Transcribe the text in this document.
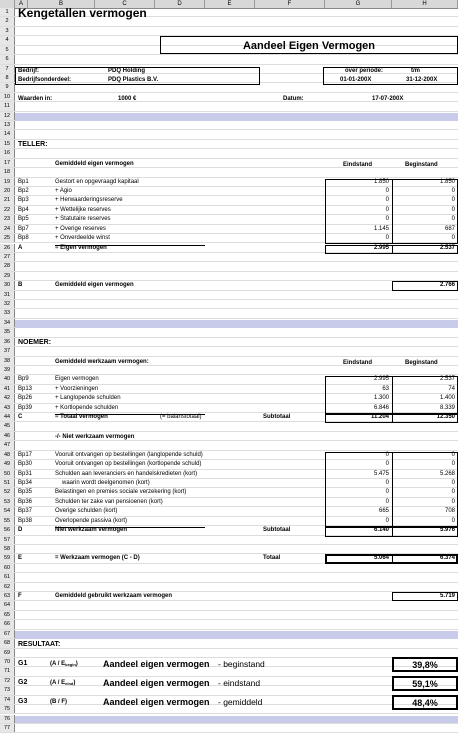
A	B	C	D	E	F	G	H
1
2
3
4
5
6
7
8
9
10
11
12
13
14
15
16
17
18
19
20
21
22
23
24
25
26
27
28
29
30
31
32
33
34
35
36
37
38
39
40
41
42
43
44
45
46
47
48
49
50
51
52
53
54
55
56
57
58
59
60
61
62
63
64
65
66
67
68
69
70
71
72
73
74
75
76
77
Kengetallen vermogen
Aandeel Eigen Vermogen
Bedrijf:	PDQ Holding
Bedrijfsonderdeel:	PDQ Plastics B.V.
over periode:	t/m
01-01-200X	31-12-200X
Waarden in:	1000 €	Datum:	17-07-200X
TELLER:
Gemiddeld eigen vermogen	Eindstand	Beginstand
Bp1	Gestort en opgevraagd kapitaal	1.850	1.850
Bp2	+ Agio	0	0
Bp3	+ Herwaarderingsreserve	0	0
Bp4	+ Wettelijke reserves	0	0
Bp5	+ Statutaire reserves	0	0
Bp7	+ Overige reserves	1.145	687
Bp8	+ Onverdeelde winst	0	0
A	= Eigen vermogen	2.995	2.537
B	Gemiddeld eigen vermogen	2.766
NOEMER:
Gemiddeld werkzaam vermogen:	Eindstand	Beginstand
Bp9	Eigen vermogen	2.995	2.537
Bp13	+ Voorzieningen	63	74
Bp26	+ Langlopende schulden	1.300	1.400
Bp39	+ Kortlopende schulden	6.846	8.339
C	= Totaal vermogen	(= balanstotaal)	Subtotaal	11.204	12.350
-/- Niet werkzaam vermogen
Bp17	Vooruit ontvangen op bestellingen (langlopende schuld)	0	0
Bp30	Vooruit ontvangen op bestellingen (kortlopende schuld)	0	0
Bp31	Schulden aan leveranciers en handelskredieten (kort)	5.475	5.268
Bp34	waarin wordt deelgenomen (kort)	0	0
Bp35	Belastingen en premies sociale verzekering (kort)	0	0
Bp36	Schulden ter zake van pensioenen (kort)	0	0
Bp37	Overige schulden (kort)	665	708
Bp38	Overlopende passiva (kort)	0	0
D	Niet werkzaam vermogen	Subtotaal	6.140	5.976
E	= Werkzaam vermogen (C - D)	Totaal	5.064	6.374
F	Gemiddeld gebruikt werkzaam vermogen	5.719
RESULTAAT:
G1	$(A / E_{begin})$	Aandeel eigen vermogen - beginstand	39,8%
G2	$(A / E_{eind})$	Aandeel eigen vermogen - eindstand	59,1%
G3	(B / F)	Aandeel eigen vermogen - gemiddeld	48,4%
